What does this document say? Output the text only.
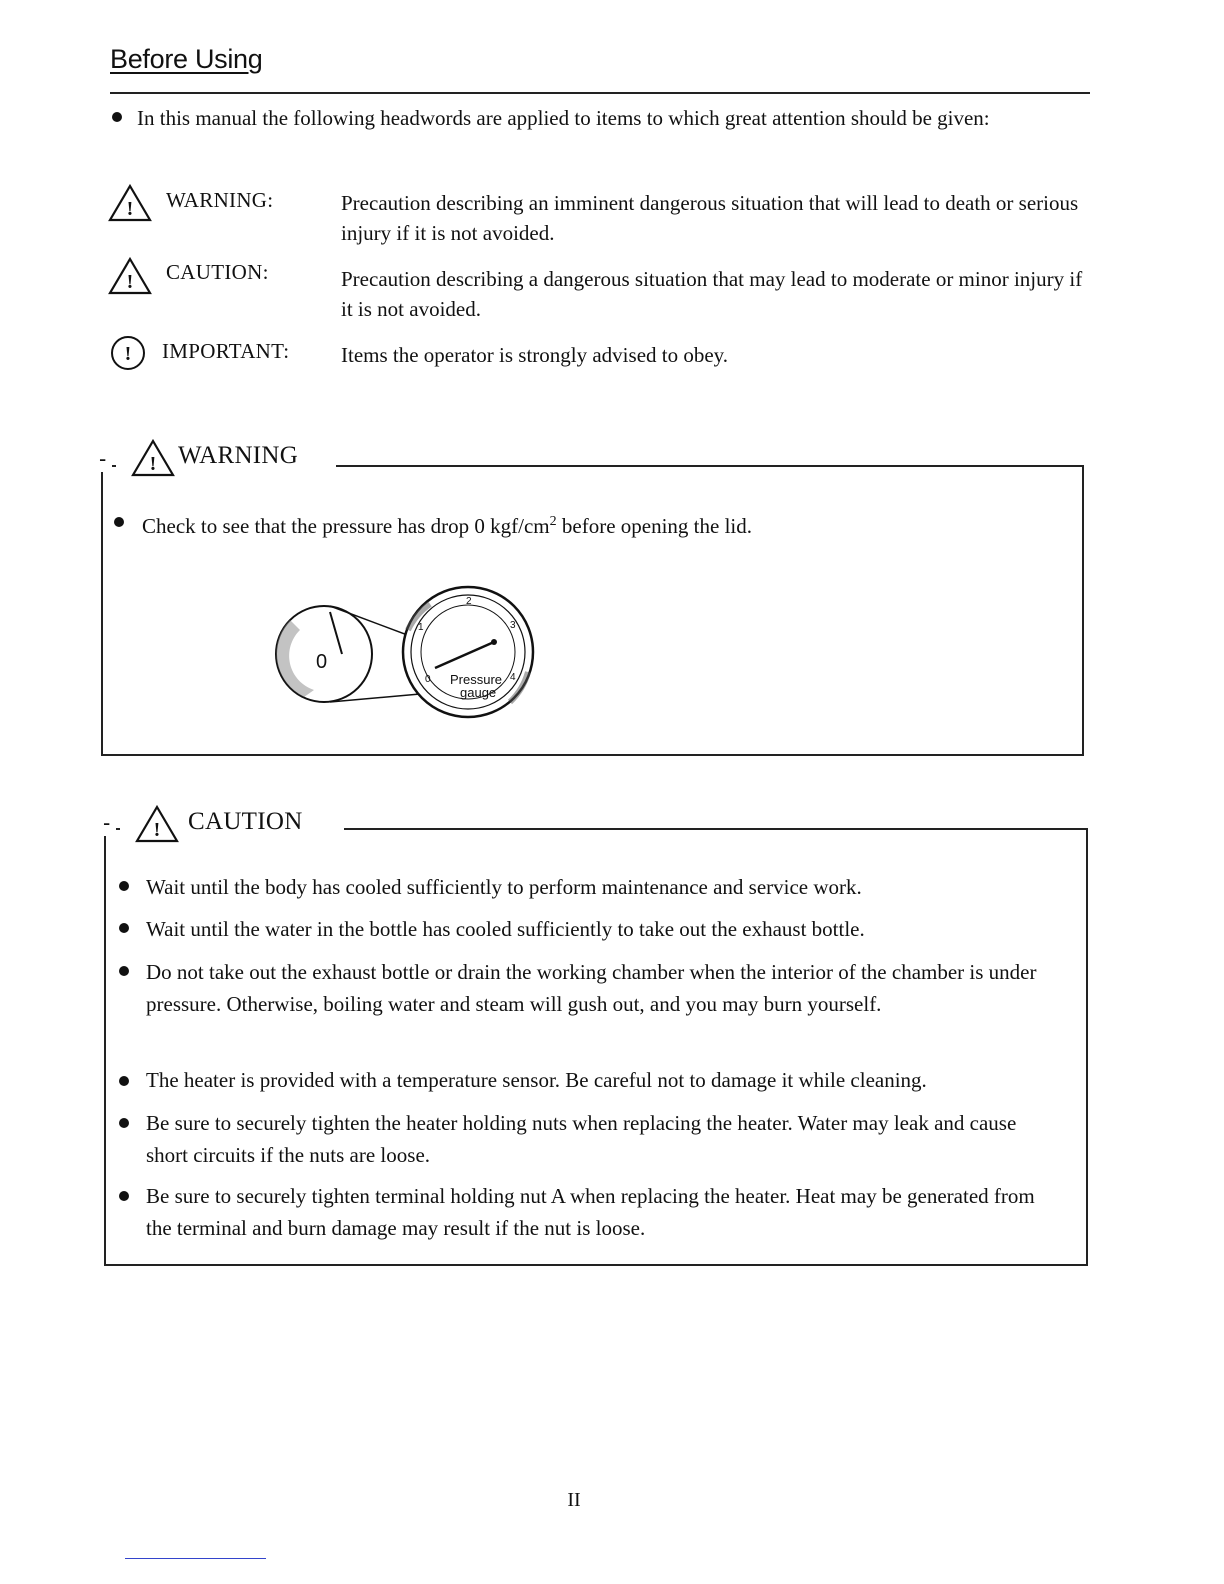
Before Using
In this manual the following headwords are applied to items to which great attention should be given:
! WARNING:	Precaution describing an imminent dangerous situation that will lead to death or serious injury if it is not avoided.
! CAUTION:	Precaution describing a dangerous situation that may lead to moderate or minor injury if it is not avoided.
! IMPORTANT: Items the operator is strongly advised to obey.
-	! WARNING
Check to see that the pressure has drop 0 kgf/$cm^2$ before opening the lid.
0
0
1
2
3
4
Pressure
gauge
-	! CAUTION
Wait until the body has cooled sufficiently to perform maintenance and service work.
Wait until the water in the bottle has cooled sufficiently to take out the exhaust bottle.
Do not take out the exhaust bottle or drain the working chamber when the interior of the chamber is under pressure. Otherwise, boiling water and steam will gush out, and you may burn yourself.
The heater is provided with a temperature sensor. Be careful not to damage it while cleaning.
Be sure to securely tighten the heater holding nuts when replacing the heater. Water may leak and cause short circuits if the nuts are loose.
Be sure to securely tighten terminal holding nut A when replacing the heater. Heat may be generated from the terminal and burn damage may result if the nut is loose.
II
